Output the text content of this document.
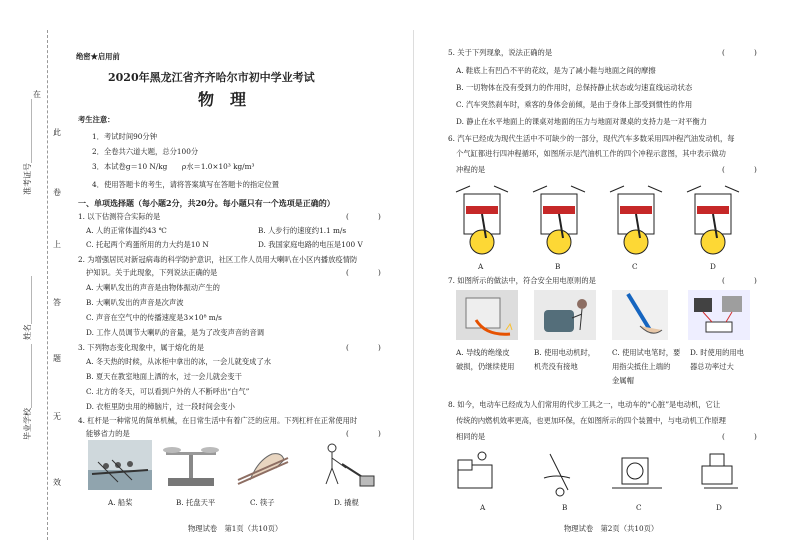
在
此
卷
上
答
题
无
效
准考证号________________
姓名____________
毕业学校________________
绝密★启用前
2020年黑龙江省齐齐哈尔市初中学业考试
物　理
考生注意：
1．考试时间90分钟
2．全卷共六道大题，总分100分
3．本试卷g＝10 N/kg　　ρ水＝1.0×10³ kg/m³
4．使用答题卡的考生，请将答案填写在答题卡的指定位置
一、单项选择题（每小题2分，共20分。每小题只有一个选项是正确的）
1. 以下估测符合实际的是	(　　　　)
A. 人的正常体温约43 ℃	B. 人步行的速度约1.1 m/s
C. 托起两个鸡蛋所用的力大约是10 N	D. 我国家庭电路的电压是100 V
2. 为增强居民对新冠病毒的科学防护意识，社区工作人员用大喇叭在小区内播放疫情防
护知识。关于此现象，下列说法正确的是	(　　　　)
A. 大喇叭发出的声音是由物体振动产生的
B. 大喇叭发出的声音是次声波
C. 声音在空气中的传播速度是3×10⁸ m/s
D. 工作人员调节大喇叭的音量，是为了改变声音的音调
3. 下列物态变化现象中，属于熔化的是	(　　　　)
A. 冬天热的时候，从冰柜中拿出的冰，一会儿就变成了水
B. 夏天在教室地面上洒的水，过一会儿就会变干
C. 北方的冬天，可以看到户外的人不断呼出“白气”
D. 衣柜里防虫用的樟脑片，过一段时间会变小
4. 杠杆是一种常见的简单机械，在日常生活中有着广泛的应用。下列杠杆在正常使用时
能够省力的是	(　　　　)
A. 船桨	B. 托盘天平	C. 筷子	D. 撬棍
物理试卷　第1页（共10页）
5. 关于下列现象，说法正确的是	(　　　　)
A. 鞋底上有凹凸不平的花纹，是为了减小鞋与地面之间的摩擦
B. 一切物体在没有受到力的作用时，总保持静止状态或匀速直线运动状态
C. 汽车突然刹车时，乘客的身体会前倾，是由于身体上部受到惯性的作用
D. 静止在水平地面上的课桌对地面的压力与地面对课桌的支持力是一对平衡力
6. 汽车已经成为现代生活中不可缺少的一部分，现代汽车多数采用四冲程汽油发动机，每
个气缸都进行四冲程循环，如图所示是汽油机工作的四个冲程示意图，其中表示做功
冲程的是	(　　　　)
A	B	C	D
7. 如图所示的做法中，符合安全用电原则的是	(　　　　)
A. 导线的绝缘皮
破损，仍继续使用
B. 使用电动机时，
机壳没有接地
C. 使用试电笔时，要
用指尖抵住上端的
金属帽
D. 时使用的用电
器总功率过大
8. 如今，电动车已经成为人们常用的代步工具之一，电动车的“心脏”是电动机，它让
传统的内燃机效率更高，也更加环保，在如图所示的四个装置中，与电动机工作原理
相同的是	(　　　　)
A	B	C	D
物理试卷　第2页（共10页）
